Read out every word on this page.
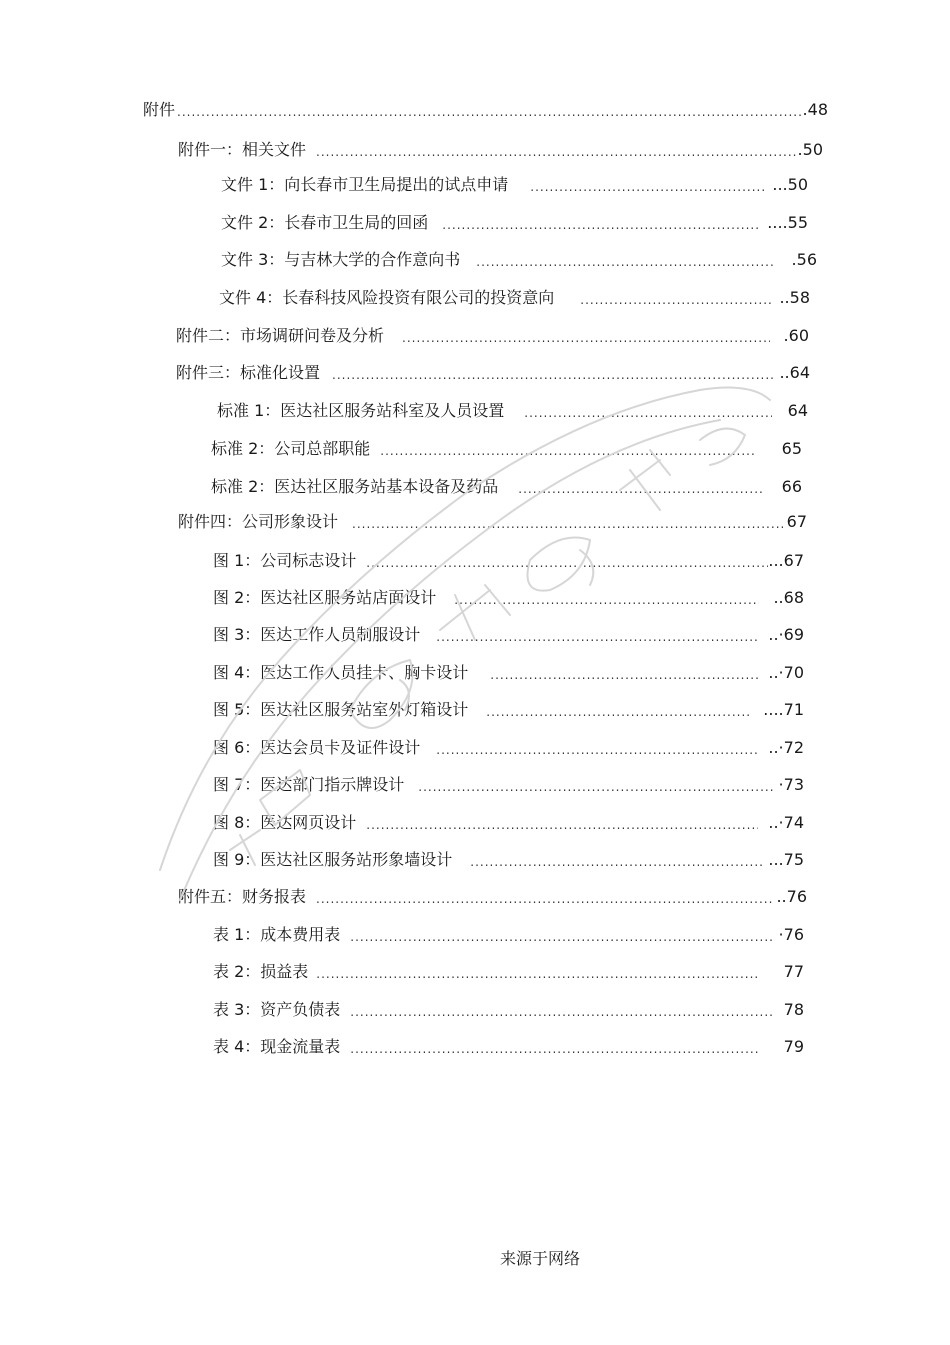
附件 .....	.48
附件一：相关文件 .....	.50
文件 1：向长春市卫生局提出的试点申请 .....	...50
文件 2：长春市卫生局的回函 .....	....55
文件 3：与吉林大学的合作意向书 .....	.56
文件 4：长春科技风险投资有限公司的投资意向 .....	..58
附件二：市场调研问卷及分析 .....	.60
附件三：标准化设置 .....	..64
标准 1：医达社区服务站科室及人员设置 .....	64
标准 2：公司总部职能 .....	65
标准 2：医达社区服务站基本设备及药品 .....	66
附件四：公司形象设计 .....	67
图 1：公司标志设计 .....	...67
图 2：医达社区服务站店面设计 .....	..68
图 3：医达工作人员制服设计 .....	..·69
图 4：医达工作人员挂卡、胸卡设计 .....	..·70
图 5：医达社区服务站室外灯箱设计 .....	....71
图 6：医达会员卡及证件设计 .....	..·72
图 7：医达部门指示牌设计 .....	·73
图 8：医达网页设计 .....	..·74
图 9：医达社区服务站形象墙设计 .....	...75
附件五：财务报表 .....	..76
表 1：成本费用表 .....	·76
表 2：损益表 .....	77
表 3：资产负债表 .....	78
表 4：现金流量表 .....	79
来源于网络
